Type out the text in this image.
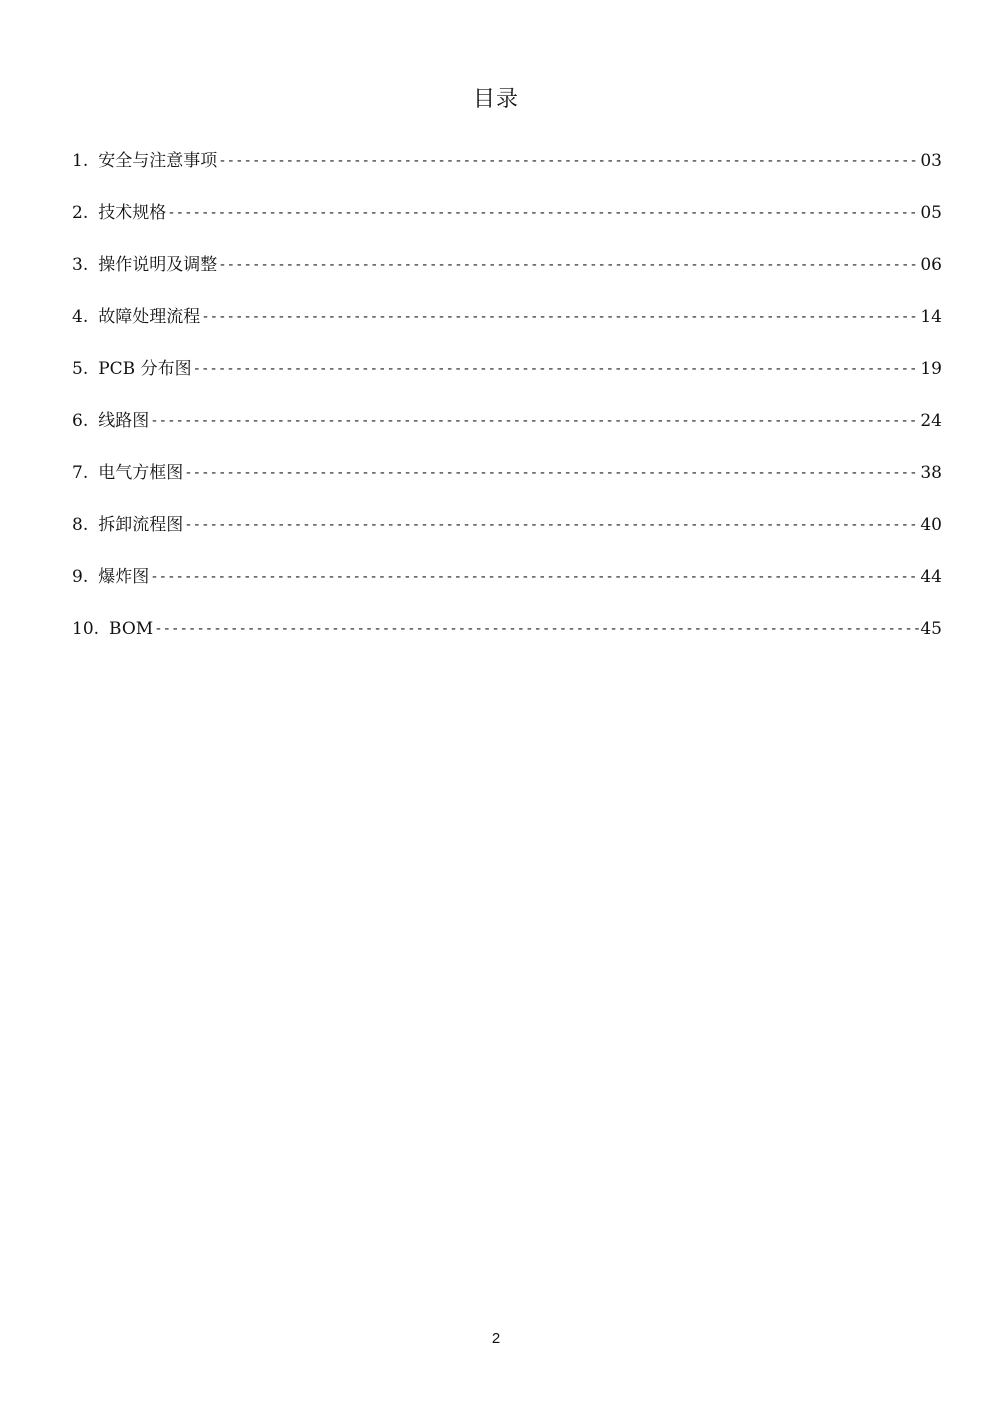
目录
1. 安全与注意事项 -----	03
2. 技术规格 -----	05
3. 操作说明及调整 -----	06
4. 故障处理流程 -----	14
5. PCB 分布图 -----	19
6. 线路图 -----	24
7. 电气方框图 -----	38
8. 拆卸流程图 -----	40
9. 爆炸图 -----	44
10. BOM -----	45
2
